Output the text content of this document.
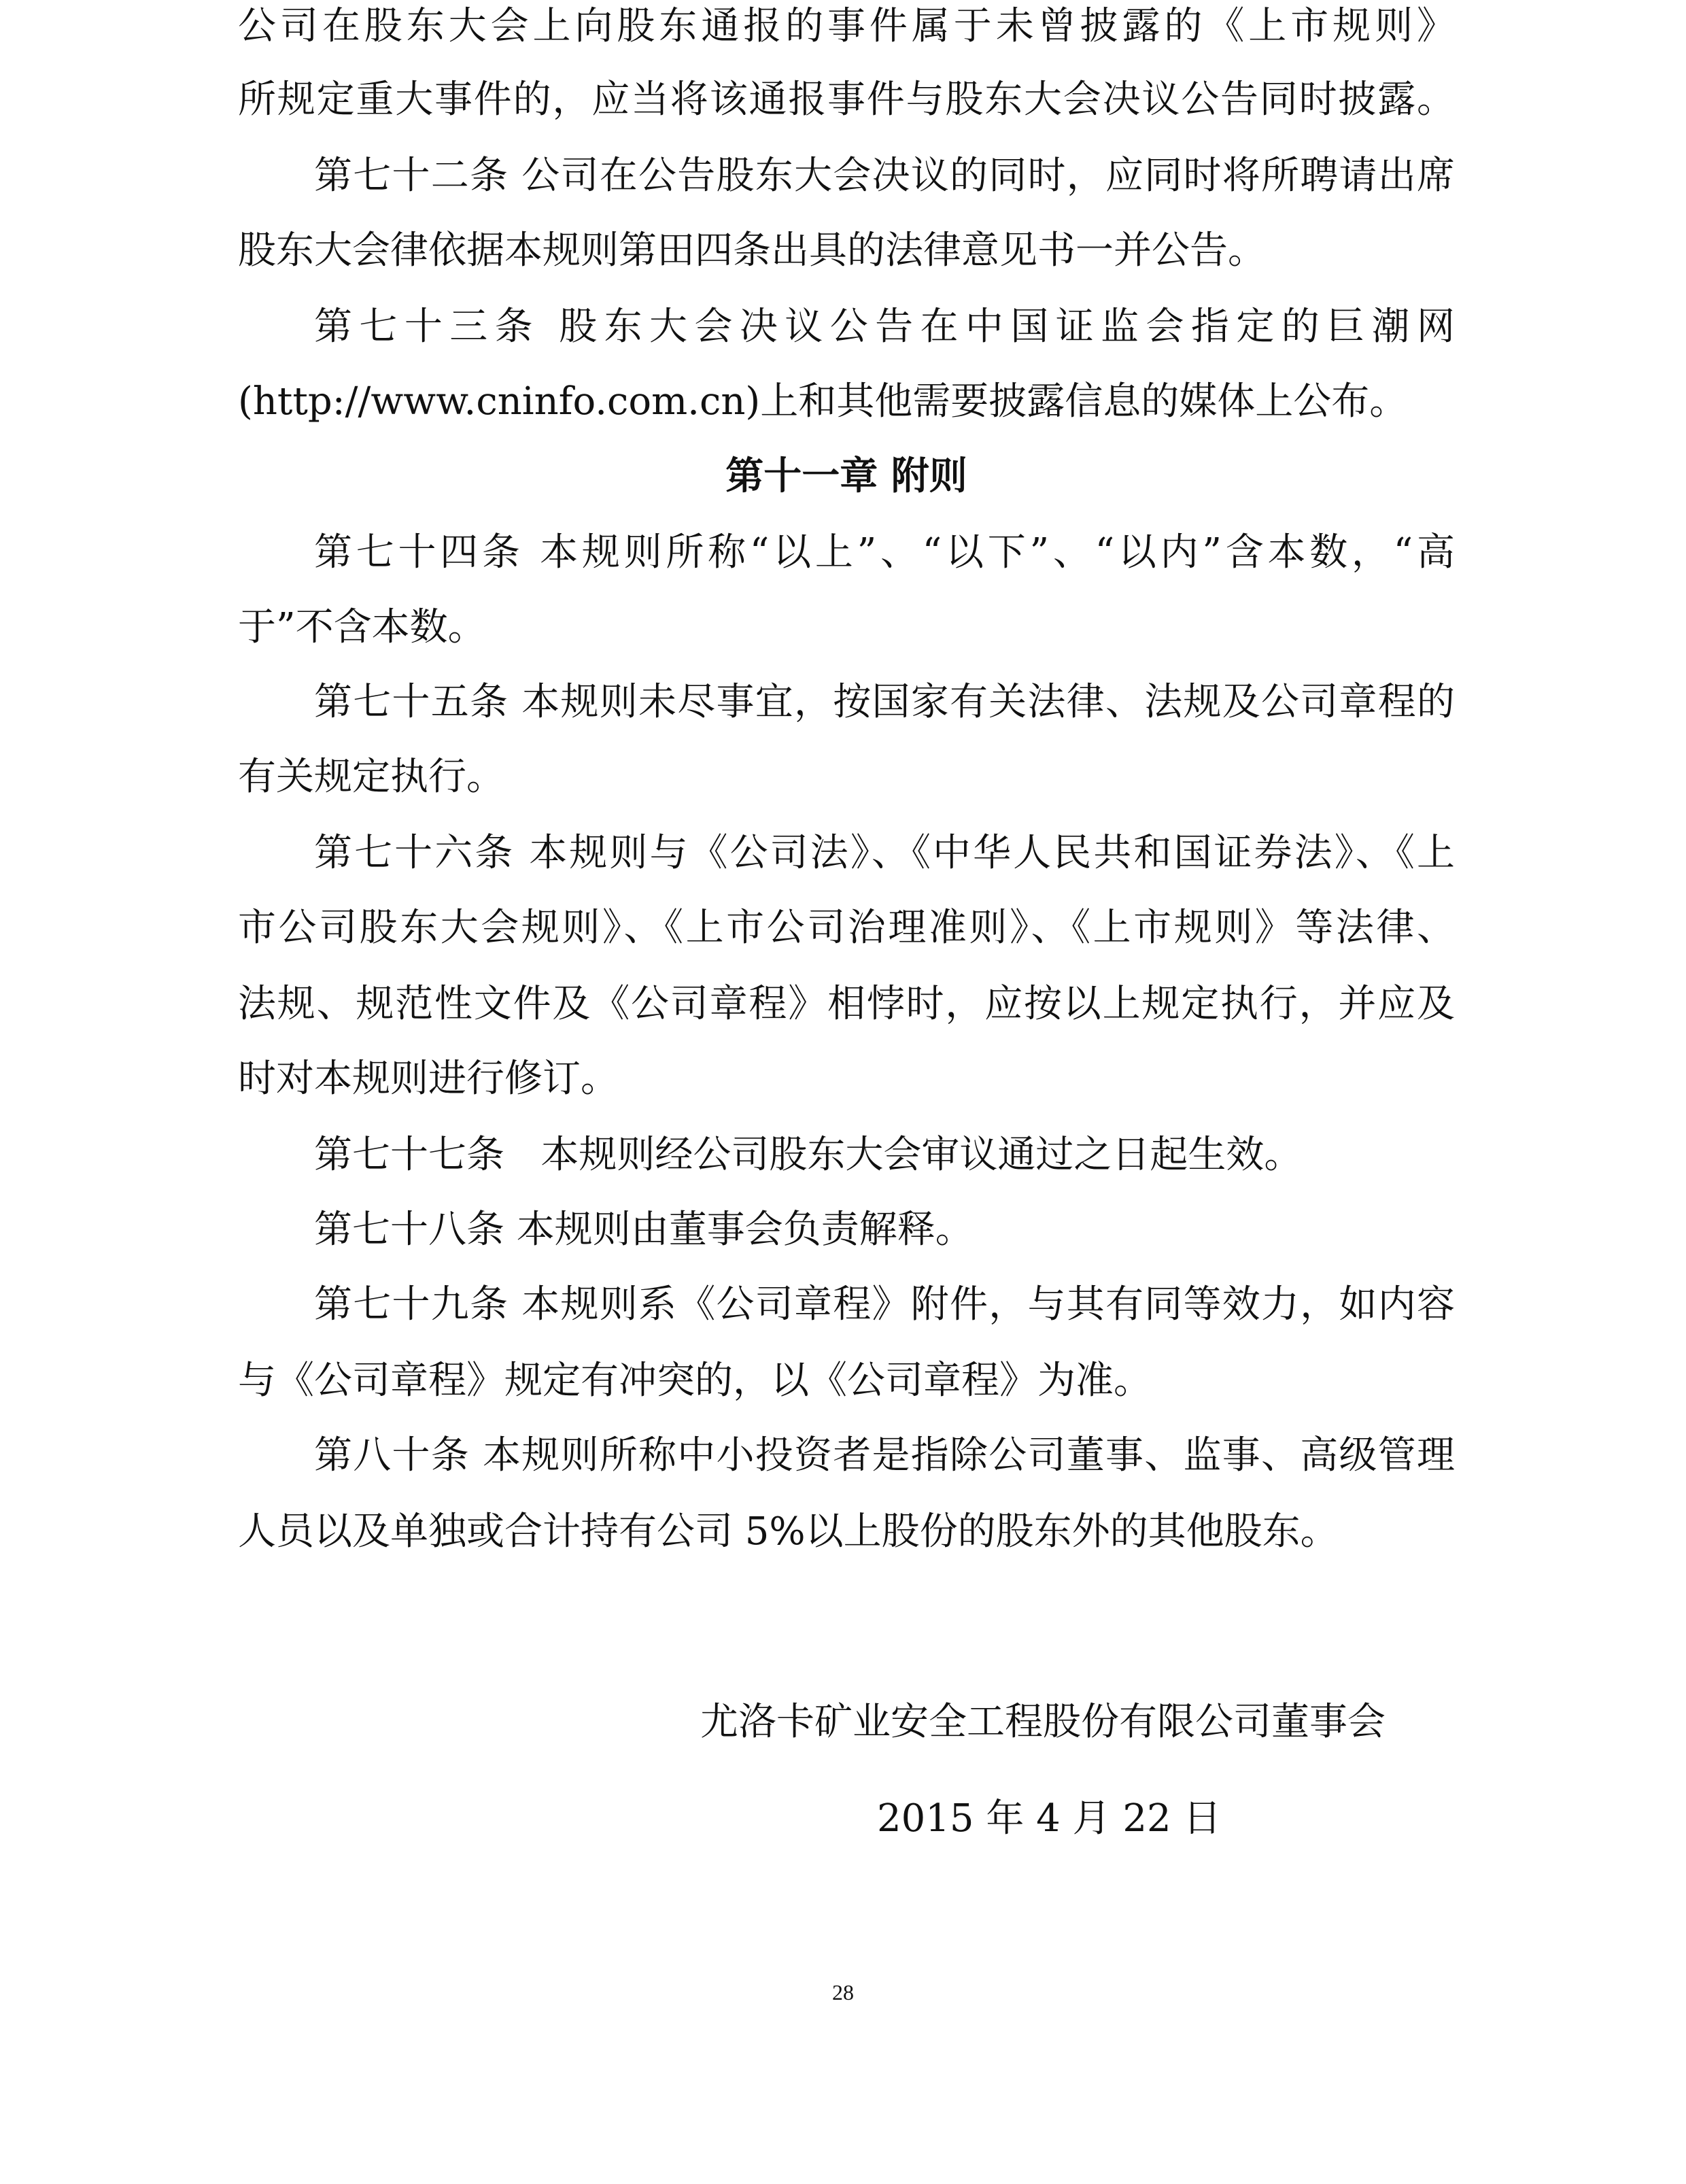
公司在股东大会上向股东通报的事件属于未曾披露的《上市规则》
所规定重大事件的，应当将该通报事件与股东大会决议公告同时披露。
第七十二条 公司在公告股东大会决议的同时，应同时将所聘请出席
股东大会律依据本规则第田四条出具的法律意见书一并公告。
第七十三条 股东大会决议公告在中国证监会指定的巨潮网
(http://www.cninfo.com.cn)上和其他需要披露信息的媒体上公布。
第十一章 附则
第七十四条 本规则所称“以上”、“以下”、“以内”含本数，“高
于”不含本数。
第七十五条 本规则未尽事宜，按国家有关法律、法规及公司章程的
有关规定执行。
第七十六条 本规则与《公司法》、《中华人民共和国证券法》、《上
市公司股东大会规则》、《上市公司治理准则》、《上市规则》等法律、
法规、规范性文件及《公司章程》相悖时，应按以上规定执行，并应及
时对本规则进行修订。
第七十七条   本规则经公司股东大会审议通过之日起生效。
第七十八条 本规则由董事会负责解释。
第七十九条 本规则系《公司章程》附件，与其有同等效力，如内容
与《公司章程》规定有冲突的，以《公司章程》为准。
第八十条 本规则所称中小投资者是指除公司董事、监事、高级管理
人员以及单独或合计持有公司 5%以上股份的股东外的其他股东。
尤洛卡矿业安全工程股份有限公司董事会
2015 年 4 月 22 日
28
